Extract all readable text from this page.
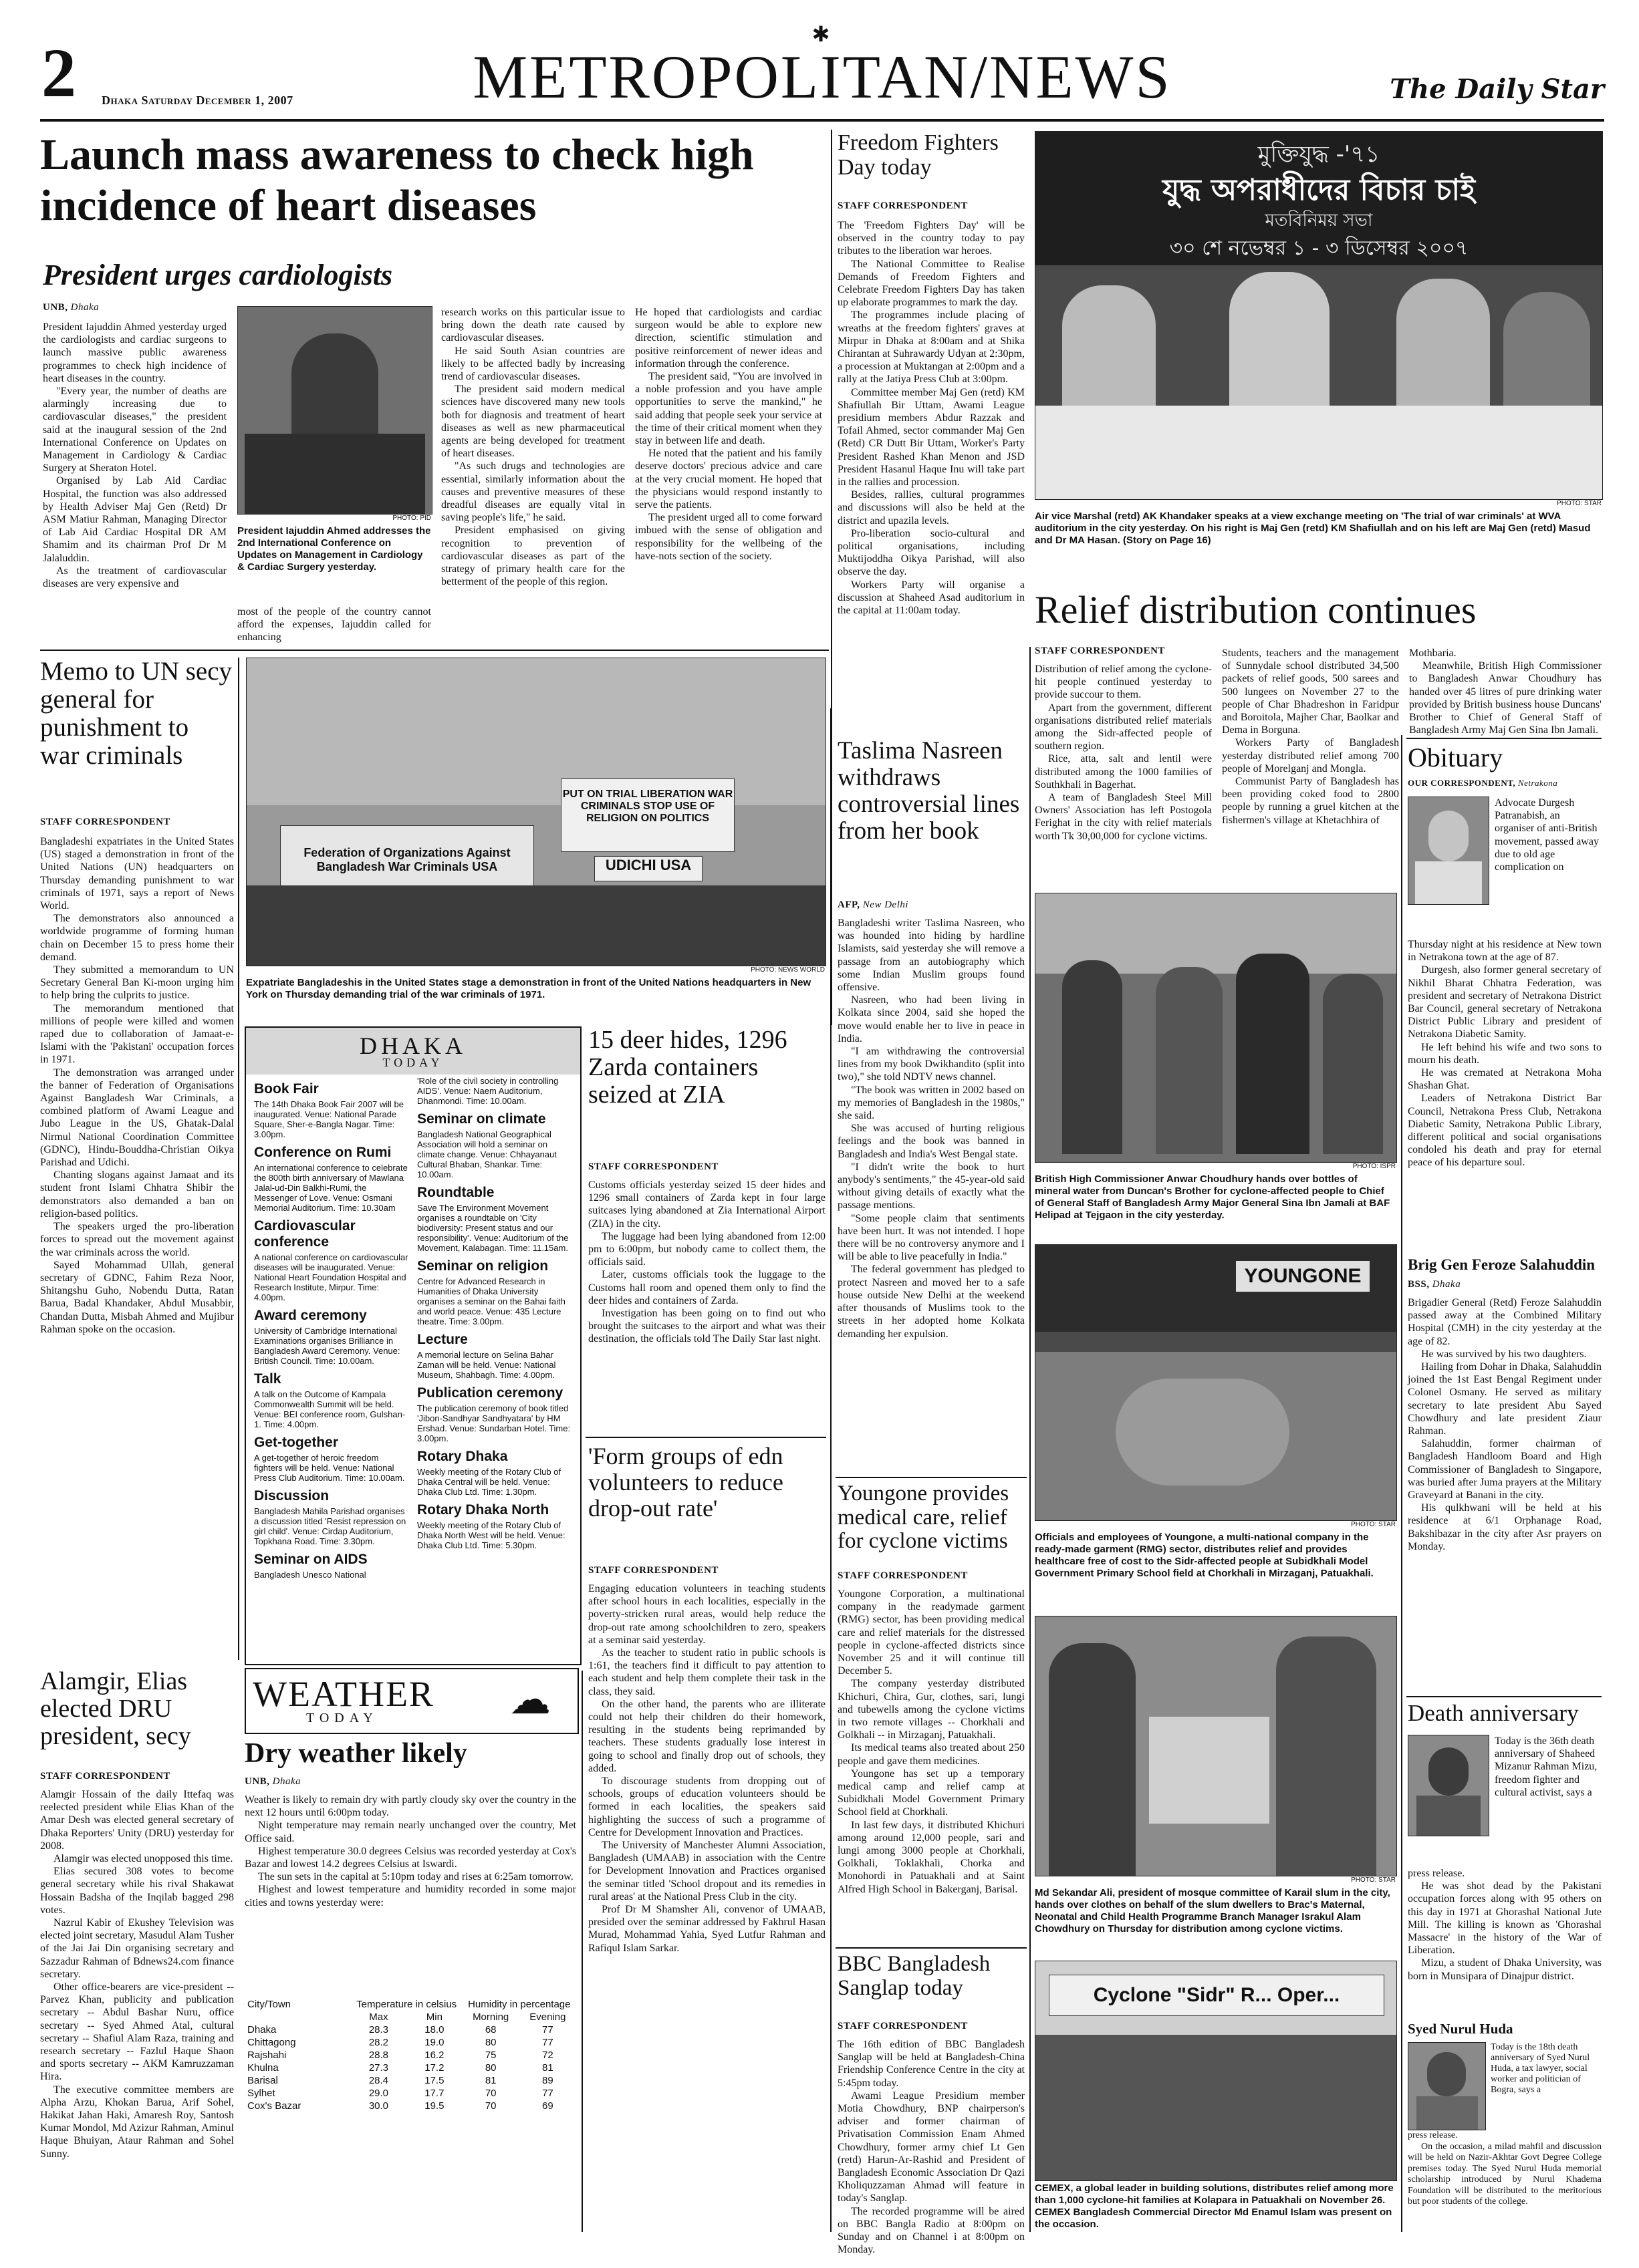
2	Dhaka Saturday December 1, 2007
✱
METROPOLITAN/NEWS	The Daily Star
Launch mass awareness to check high incidence of heart diseases
President urges cardiologists
UNB, Dhaka

President Iajuddin Ahmed yesterday urged the cardiologists and cardiac surgeons to launch massive public awareness programmes to check high incidence of heart diseases in the country.

"Every year, the number of deaths are alarmingly increasing due to cardiovascular diseases," the president said at the inaugural session of the 2nd International Conference on Updates on Management in Cardiology & Cardiac Surgery at Sheraton Hotel.

Organised by Lab Aid Cardiac Hospital, the function was also addressed by Health Adviser Maj Gen (Retd) Dr ASM Matiur Rahman, Managing Director of Lab Aid Cardiac Hospital DR AM Shamim and its chairman Prof Dr M Jalaluddin.

As the treatment of cardiovascular diseases are very expensive and

PHOTO: PID
President Iajuddin Ahmed addresses the 2nd International Conference on Updates on Management in Cardiology & Cardiac Surgery yesterday.

most of the people of the country cannot afford the expenses, Iajuddin called for enhancing

research works on this particular issue to bring down the death rate caused by cardiovascular diseases.

He said South Asian countries are likely to be affected badly by increasing trend of cardiovascular diseases.

The president said modern medical sciences have discovered many new tools both for diagnosis and treatment of heart diseases as well as new pharmaceutical agents are being developed for treatment of heart diseases.

"As such drugs and technologies are essential, similarly information about the causes and preventive measures of these dreadful diseases are equally vital in saving people's life," he said.

President emphasised on giving recognition to prevention of cardiovascular diseases as part of the strategy of primary health care for the betterment of the people of this region.

He hoped that cardiologists and cardiac surgeon would be able to explore new direction, scientific stimulation and positive reinforcement of newer ideas and information through the conference.

The president said, "You are involved in a noble profession and you have ample opportunities to serve the mankind," he said adding that people seek your service at the time of their critical moment when they stay in between life and death.

He noted that the patient and his family deserve doctors' precious advice and care at the very crucial moment. He hoped that the physicians would respond instantly to serve the patients.

The president urged all to come forward imbued with the sense of obligation and responsibility for the wellbeing of the have-nots section of the society.

Freedom Fighters Day today
STAFF CORRESPONDENT

The 'Freedom Fighters Day' will be observed in the country today to pay tributes to the liberation war heroes.

The National Committee to Realise Demands of Freedom Fighters and Celebrate Freedom Fighters Day has taken up elaborate programmes to mark the day.

The programmes include placing of wreaths at the freedom fighters' graves at Mirpur in Dhaka at 8:00am and at Shika Chirantan at Suhrawardy Udyan at 2:30pm, a procession at Muktangan at 2:00pm and a rally at the Jatiya Press Club at 3:00pm.

Committee member Maj Gen (retd) KM Shafiullah Bir Uttam, Awami League presidium members Abdur Razzak and Tofail Ahmed, sector commander Maj Gen (Retd) CR Dutt Bir Uttam, Worker's Party President Rashed Khan Menon and JSD President Hasanul Haque Inu will take part in the rallies and procession.

Besides, rallies, cultural programmes and discussions will also be held at the district and upazila levels.

Pro-liberation socio-cultural and political organisations, including Muktijoddha Oikya Parishad, will also observe the day.

Workers Party will organise a discussion at Shaheed Asad auditorium in the capital at 11:00am today.

মুক্তিযুদ্ধ -'৭১
যুদ্ধ অপরাধীদের বিচার চাই
মতবিনিময় সভা
৩০ শে নভেম্বর ১ - ৩ ডিসেম্বর ২০০৭
PHOTO: STAR
Air vice Marshal (retd) AK Khandaker speaks at a view exchange meeting on 'The trial of war criminals' at WVA auditorium in the city yesterday. On his right is Maj Gen (retd) KM Shafiullah and on his left are Maj Gen (retd) Masud and Dr MA Hasan. (Story on Page 16)
Relief distribution continues
STAFF CORRESPONDENT

Distribution of relief among the cyclone-hit people continued yesterday to provide succour to them.

Apart from the government, different organisations distributed relief materials among the Sidr-affected people of southern region.

Rice, atta, salt and lentil were distributed among the 1000 families of Southkhali in Bagerhat.

A team of Bangladesh Steel Mill Owners' Association has left Postogola Ferighat in the city with relief materials worth Tk 30,00,000 for cyclone victims.

Students, teachers and the management of Sunnydale school distributed 34,500 packets of relief goods, 500 sarees and 500 lungees on November 27 to the people of Char Bhadreshon in Faridpur and Boroitola, Majher Char, Baolkar and Dema in Borguna.

Workers Party of Bangladesh yesterday distributed relief among 700 people of Morelganj and Mongla.

Communist Party of Bangladesh has been providing coked food to 2800 people by running a gruel kitchen at the fishermen's village at Khetachhira of

Mothbaria.

Meanwhile, British High Commissioner to Bangladesh Anwar Choudhury has handed over 45 litres of pure drinking water provided by British business house Duncans' Brother to Chief of General Staff of Bangladesh Army Maj Gen Sina Ibn Jamali.

Memo to UN secy general for punishment to war criminals
STAFF CORRESPONDENT

Bangladeshi expatriates in the United States (US) staged a demonstration in front of the United Nations (UN) headquarters on Thursday demanding punishment to war criminals of 1971, says a report of News World.

The demonstrators also announced a worldwide programme of forming human chain on December 15 to press home their demand.

They submitted a memorandum to UN Secretary General Ban Ki-moon urging him to help bring the culprits to justice.

The memorandum mentioned that millions of people were killed and women raped due to collaboration of Jamaat-e-Islami with the 'Pakistani' occupation forces in 1971.

The demonstration was arranged under the banner of Federation of Organisations Against Bangladesh War Criminals, a combined platform of Awami League and Jubo League in the US, Ghatak-Dalal Nirmul National Coordination Committee (GDNC), Hindu-Bouddha-Christian Oikya Parishad and Udichi.

Chanting slogans against Jamaat and its student front Islami Chhatra Shibir the demonstrators also demanded a ban on religion-based politics.

The speakers urged the pro-liberation forces to spread out the movement against the war criminals across the world.

Sayed Mohammad Ullah, general secretary of GDNC, Fahim Reza Noor, Shitangshu Guho, Nobendu Dutta, Ratan Barua, Badal Khandaker, Abdul Musabbir, Chandan Dutta, Misbah Ahmed and Mujibur Rahman spoke on the occasion.

Federation of Organizations Against Bangladesh War Criminals USA
PUT ON TRIAL LIBERATION WAR CRIMINALS STOP USE OF RELIGION ON POLITICS
UDICHI USA
PHOTO: NEWS WORLD
Expatriate Bangladeshis in the United States stage a demonstration in front of the United Nations headquarters in New York on Thursday demanding trial of the war criminals of 1971.
DHAKA
TODAY
Book Fair
The 14th Dhaka Book Fair 2007 will be inaugurated. Venue: National Parade Square, Sher-e-Bangla Nagar. Time: 3.00pm.
Conference on Rumi
An international conference to celebrate the 800th birth anniversary of Mawlana Jalal-ud-Din Balkhi-Rumi, the Messenger of Love. Venue: Osmani Memorial Auditorium. Time: 10.30am
Cardiovascular conference
A national conference on cardiovascular diseases will be inaugurated. Venue: National Heart Foundation Hospital and Research Institute, Mirpur. Time: 4.00pm.
Award ceremony
University of Cambridge International Examinations organises Brilliance in Bangladesh Award Ceremony. Venue: British Council. Time: 10.00am.
Talk
A talk on the Outcome of Kampala Commonwealth Summit will be held. Venue: BEI conference room, Gulshan-1. Time: 4.00pm.
Get-together
A get-together of heroic freedom fighters will be held. Venue: National Press Club Auditorium. Time: 10.00am.
Discussion
Bangladesh Mahila Parishad organises a discussion titled 'Resist repression on girl child'. Venue: Cirdap Auditorium, Topkhana Road. Time: 3.30pm.
Seminar on AIDS
Bangladesh Unesco National
'Role of the civil society in controlling AIDS'. Venue: Naem Auditorium, Dhanmondi. Time: 10.00am.
Seminar on climate
Bangladesh National Geographical Association will hold a seminar on climate change. Venue: Chhayanaut Cultural Bhaban, Shankar. Time: 10.00am.
Roundtable
Save The Environment Movement organises a roundtable on 'City biodiversity: Present status and our responsibility'. Venue: Auditorium of the Movement, Kalabagan. Time: 11.15am.
Seminar on religion
Centre for Advanced Research in Humanities of Dhaka University organises a seminar on the Bahai faith and world peace. Venue: 435 Lecture theatre. Time: 3.00pm.
Lecture
A memorial lecture on Selina Bahar Zaman will be held. Venue: National Museum, Shahbagh. Time: 4.00pm.
Publication ceremony
The publication ceremony of book titled 'Jibon-Sandhyar Sandhyatara' by HM Ershad. Venue: Sundarban Hotel. Time: 3.00pm.
Rotary Dhaka
Weekly meeting of the Rotary Club of Dhaka Central will be held. Venue: Dhaka Club Ltd. Time: 1.30pm.
Rotary Dhaka North
Weekly meeting of the Rotary Club of Dhaka North West will be held. Venue: Dhaka Club Ltd. Time: 5.30pm.
15 deer hides, 1296 Zarda containers seized at ZIA
STAFF CORRESPONDENT

Customs officials yesterday seized 15 deer hides and 1296 small containers of Zarda kept in four large suitcases lying abandoned at Zia International Airport (ZIA) in the city.

The luggage had been lying abandoned from 12:00 pm to 6:00pm, but nobody came to collect them, the officials said.

Later, customs officials took the luggage to the Customs hall room and opened them only to find the deer hides and containers of Zarda.

Investigation has been going on to find out who brought the suitcases to the airport and what was their destination, the officials told The Daily Star last night.

'Form groups of edn volunteers to reduce drop-out rate'
STAFF CORRESPONDENT

Engaging education volunteers in teaching students after school hours in each localities, especially in the poverty-stricken rural areas, would help reduce the drop-out rate among schoolchildren to zero, speakers at a seminar said yesterday.

As the teacher to student ratio in public schools is 1:61, the teachers find it difficult to pay attention to each student and help them complete their task in the class, they said.

On the other hand, the parents who are illiterate could not help their children do their homework, resulting in the students being reprimanded by teachers. These students gradually lose interest in going to school and finally drop out of schools, they added.

To discourage students from dropping out of schools, groups of education volunteers should be formed in each localities, the speakers said highlighting the success of such a programme of Centre for Development Innovation and Practices.

The University of Manchester Alumni Association, Bangladesh (UMAAB) in association with the Centre for Development Innovation and Practices organised the seminar titled 'School dropout and its remedies in rural areas' at the National Press Club in the city.

Prof Dr M Shamsher Ali, convenor of UMAAB, presided over the seminar addressed by Fakhrul Hasan Murad, Mohammad Yahia, Syed Lutfur Rahman and Rafiqul Islam Sarkar.

Alamgir, Elias elected DRU president, secy
STAFF CORRESPONDENT

Alamgir Hossain of the daily Ittefaq was reelected president while Elias Khan of the Amar Desh was elected general secretary of Dhaka Reporters' Unity (DRU) yesterday for 2008.

Alamgir was elected unopposed this time.

Elias secured 308 votes to become general secretary while his rival Shakawat Hossain Badsha of the Inqilab bagged 298 votes.

Nazrul Kabir of Ekushey Television was elected joint secretary, Masudul Alam Tusher of the Jai Jai Din organising secretary and Sazzadur Rahman of Bdnews24.com finance secretary.

Other office-bearers are vice-president -- Parvez Khan, publicity and publication secretary -- Abdul Bashar Nuru, office secretary -- Syed Ahmed Atal, cultural secretary -- Shafiul Alam Raza, training and research secretary -- Fazlul Haque Shaon and sports secretary -- AKM Kamruzzaman Hira.

The executive committee members are Alpha Arzu, Khokan Barua, Arif Sohel, Hakikat Jahan Haki, Amaresh Roy, Santosh Kumar Mondol, Md Azizur Rahman, Aminul Haque Bhuiyan, Ataur Rahman and Sohel Sunny.

WEATHER
TODAY	☁
Dry weather likely
UNB, Dhaka

Weather is likely to remain dry with partly cloudy sky over the country in the next 12 hours until 6:00pm today.

Night temperature may remain nearly unchanged over the country, Met Office said.

Highest temperature 30.0 degrees Celsius was recorded yesterday at Cox's Bazar and lowest 14.2 degrees Celsius at Iswardi.

The sun sets in the capital at 5:10pm today and rises at 6:25am tomorrow.

Highest and lowest temperature and humidity recorded in some major cities and towns yesterday were:

City/Town	Temperature in celsius		Humidity in percentage	
	Max	Min	Morning	Evening
Dhaka	28.3	18.0	68	77
Chittagong	28.2	19.0	80	77
Rajshahi	28.8	16.2	75	72
Khulna	27.3	17.2	80	81
Barisal	28.4	17.5	81	89
Sylhet	29.0	17.7	70	77
Cox's Bazar	30.0	19.5	70	69
Taslima Nasreen withdraws controversial lines from her book
AFP, New Delhi

Bangladeshi writer Taslima Nasreen, who was hounded into hiding by hardline Islamists, said yesterday she will remove a passage from an autobiography which some Indian Muslim groups found offensive.

Nasreen, who had been living in Kolkata since 2004, said she hoped the move would enable her to live in peace in India.

"I am withdrawing the controversial lines from my book Dwikhandito (split into two)," she told NDTV news channel.

"The book was written in 2002 based on my memories of Bangladesh in the 1980s," she said.

She was accused of hurting religious feelings and the book was banned in Bangladesh and India's West Bengal state.

"I didn't write the book to hurt anybody's sentiments," the 45-year-old said without giving details of exactly what the passage mentions.

"Some people claim that sentiments have been hurt. It was not intended. I hope there will be no controversy anymore and I will be able to live peacefully in India."

The federal government has pledged to protect Nasreen and moved her to a safe house outside New Delhi at the weekend after thousands of Muslims took to the streets in her adopted home Kolkata demanding her expulsion.

Youngone provides medical care, relief for cyclone victims
STAFF CORRESPONDENT

Youngone Corporation, a multinational company in the readymade garment (RMG) sector, has been providing medical care and relief materials for the distressed people in cyclone-affected districts since November 25 and it will continue till December 5.

The company yesterday distributed Khichuri, Chira, Gur, clothes, sari, lungi and tubewells among the cyclone victims in two remote villages -- Chorkhali and Golkhali -- in Mirzaganj, Patuakhali.

Its medical teams also treated about 250 people and gave them medicines.

Youngone has set up a temporary medical camp and relief camp at Subidkhali Model Government Primary School field at Chorkhali.

In last few days, it distributed Khichuri among around 12,000 people, sari and lungi among 3000 people at Chorkhali, Golkhali, Toklakhali, Chorka and Monohordi in Patuakhali and at Saint Alfred High School in Bakerganj, Barisal.

BBC Bangladesh Sanglap today
STAFF CORRESPONDENT

The 16th edition of BBC Bangladesh Sanglap will be held at Bangladesh-China Friendship Conference Centre in the city at 5:45pm today.

Awami League Presidium member Motia Chowdhury, BNP chairperson's adviser and former chairman of Privatisation Commission Enam Ahmed Chowdhury, former army chief Lt Gen (retd) Harun-Ar-Rashid and President of Bangladesh Economic Association Dr Qazi Kholiquzzaman Ahmad will feature in today's Sanglap.

The recorded programme will be aired on BBC Bangla Radio at 8:00pm on Sunday and on Channel i at 8:00pm on Monday.

PHOTO: ISPR
British High Commissioner Anwar Choudhury hands over bottles of mineral water from Duncan's Brother for cyclone-affected people to Chief of General Staff of Bangladesh Army Major General Sina Ibn Jamali at BAF Helipad at Tejgaon in the city yesterday.
YOUNGONE
PHOTO: STAR
Officials and employees of Youngone, a multi-national company in the ready-made garment (RMG) sector, distributes relief and provides healthcare free of cost to the Sidr-affected people at Subidkhali Model Government Primary School field at Chorkhali in Mirzaganj, Patuakhali.
PHOTO: STAR
Md Sekandar Ali, president of mosque committee of Karail slum in the city, hands over clothes on behalf of the slum dwellers to Brac's Maternal, Neonatal and Child Health Programme Branch Manager Israkul Alam Chowdhury on Thursday for distribution among cyclone victims.
Cyclone "Sidr" R... Oper...
CEMEX, a global leader in building solutions, distributes relief among more than 1,000 cyclone-hit families at Kolapara in Patuakhali on November 26. CEMEX Bangladesh Commercial Director Md Enamul Islam was present on the occasion.
Obituary
OUR CORRESPONDENT, Netrakona

Advocate Durgesh Patranabish, an organiser of anti-British movement, passed away due to old age complication on

Thursday night at his residence at New town in Netrakona town at the age of 87.

Durgesh, also former general secretary of Nikhil Bharat Chhatra Federation, was president and secretary of Netrakona District Bar Council, general secretary of Netrakona District Public Library and president of Netrakona Diabetic Samity.

He left behind his wife and two sons to mourn his death.

He was cremated at Netrakona Moha Shashan Ghat.

Leaders of Netrakona District Bar Council, Netrakona Press Club, Netrakona Diabetic Samity, Netrakona Public Library, different political and social organisations condoled his death and pray for eternal peace of his departure soul.

Brig Gen Feroze Salahuddin
BSS, Dhaka

Brigadier General (Retd) Feroze Salahuddin passed away at the Combined Military Hospital (CMH) in the city yesterday at the age of 82.

He was survived by his two daughters.

Hailing from Dohar in Dhaka, Salahuddin joined the 1st East Bengal Regiment under Colonel Osmany. He served as military secretary to late president Abu Sayed Chowdhury and late president Ziaur Rahman.

Salahuddin, former chairman of Bangladesh Handloom Board and High Commissioner of Bangladesh to Singapore, was buried after Juma prayers at the Military Graveyard at Banani in the city.

His qulkhwani will be held at his residence at 6/1 Orphanage Road, Bakshibazar in the city after Asr prayers on Monday.

Death anniversary

Today is the 36th death anniversary of Shaheed Mizanur Rahman Mizu, freedom fighter and cultural activist, says a

press release.

He was shot dead by the Pakistani occupation forces along with 95 others on this day in 1971 at Ghorashal National Jute Mill. The killing is known as 'Ghorashal Massacre' in the history of the War of Liberation.

Mizu, a student of Dhaka University, was born in Munsipara of Dinajpur district.

Syed Nurul Huda

Today is the 18th death anniversary of Syed Nurul Huda, a tax lawyer, social worker and politician of Bogra, says a

press release.

On the occasion, a milad mahfil and discussion will be held on Nazir-Akhtar Govt Degree College premises today. The Syed Nurul Huda memorial scholarship introduced by Nurul Khadema Foundation will be distributed to the meritorious but poor students of the college.
